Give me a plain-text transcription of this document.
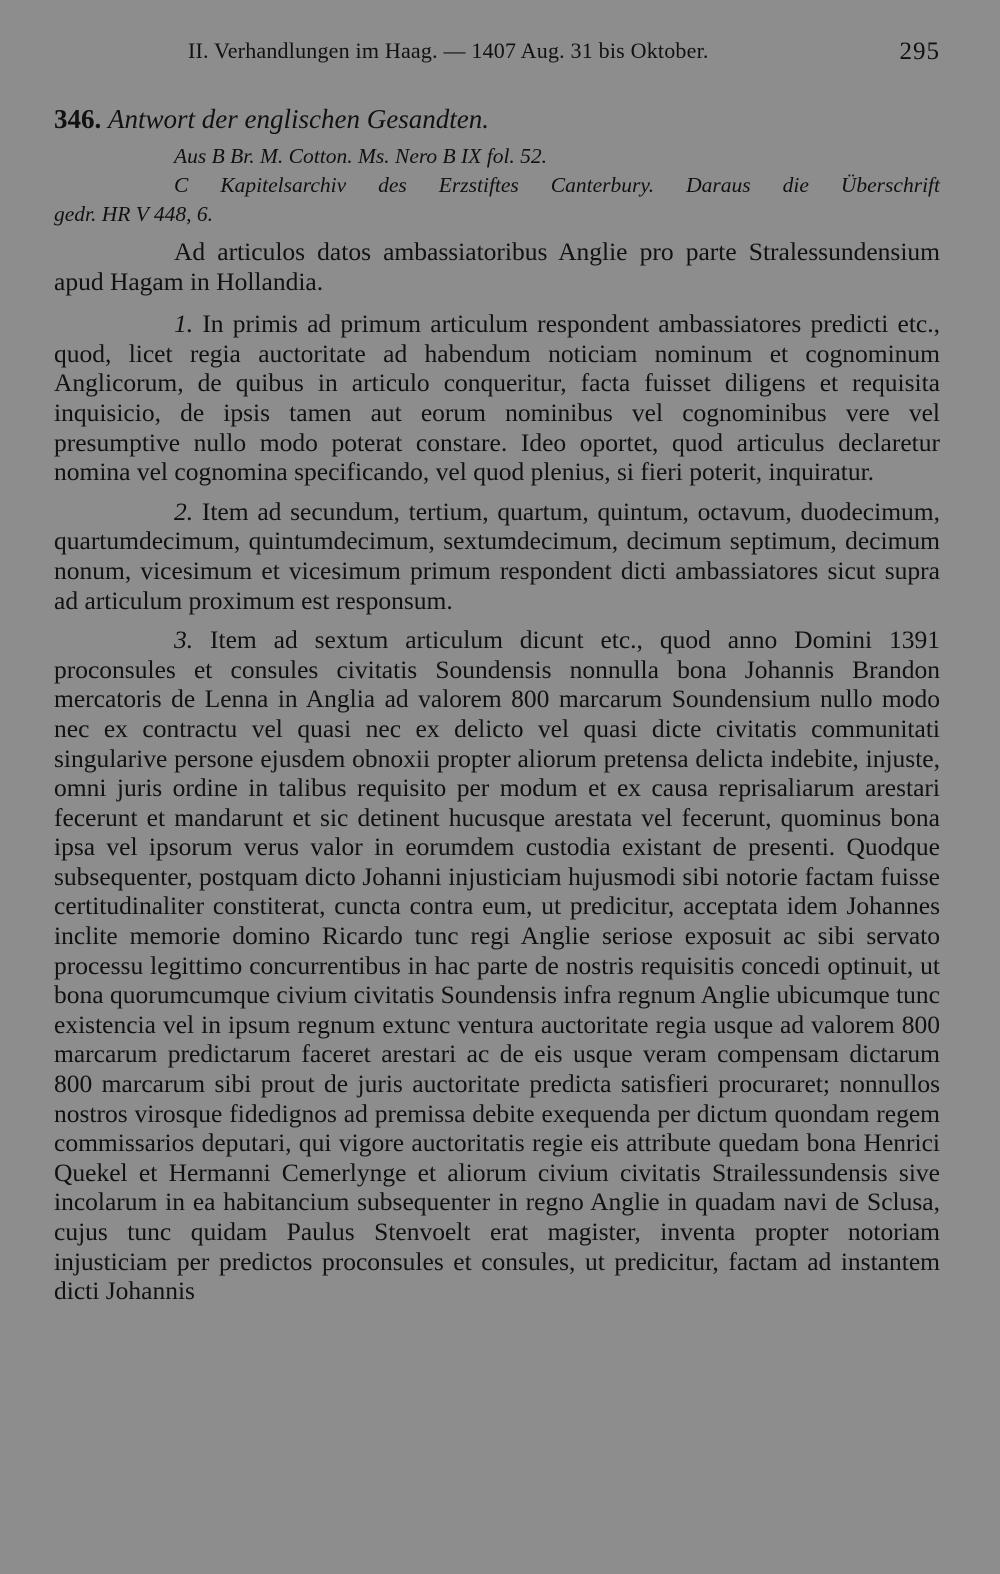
II. Verhandlungen im Haag. — 1407 Aug. 31 bis Oktober.	295
346. Antwort der englischen Gesandten.
Aus B Br. M. Cotton. Ms. Nero B IX fol. 52.
C Kapitelsarchiv des Erzstiftes Canterbury. Daraus die Überschrift
gedr. HR V 448, 6.

Ad articulos datos ambassiatoribus Anglie pro parte Stralessundensium apud Hagam in Hollandia.

1. In primis ad primum articulum respondent ambassiatores predicti etc., quod, licet regia auctoritate ad habendum noticiam nominum et cognominum Anglicorum, de quibus in articulo conqueritur, facta fuisset diligens et requisita inquisicio, de ipsis tamen aut eorum nominibus vel cognominibus vere vel presumptive nullo modo poterat constare. Ideo oportet, quod articulus declaretur nomina vel cognomina specificando, vel quod plenius, si fieri poterit, inquiratur.

2. Item ad secundum, tertium, quartum, quintum, octavum, duodecimum, quartumdecimum, quintumdecimum, sextumdecimum, decimum septimum, decimum nonum, vicesimum et vicesimum primum respondent dicti ambassiatores sicut supra ad articulum proximum est responsum.

3. Item ad sextum articulum dicunt etc., quod anno Domini 1391 proconsules et consules civitatis Soundensis nonnulla bona Johannis Brandon mercatoris de Lenna in Anglia ad valorem 800 marcarum Soundensium nullo modo nec ex contractu vel quasi nec ex delicto vel quasi dicte civitatis communitati singularive persone ejusdem obnoxii propter aliorum pretensa delicta indebite, injuste, omni juris ordine in talibus requisito per modum et ex causa reprisaliarum arestari fecerunt et mandarunt et sic detinent hucusque arestata vel fecerunt, quominus bona ipsa vel ipsorum verus valor in eorumdem custodia existant de presenti. Quodque subsequenter, postquam dicto Johanni injusticiam hujusmodi sibi notorie factam fuisse certitudinaliter constiterat, cuncta contra eum, ut predicitur, acceptata idem Johannes inclite memorie domino Ricardo tunc regi Anglie seriose exposuit ac sibi servato processu legittimo concurrentibus in hac parte de nostris requisitis concedi optinuit, ut bona quorumcumque civium civitatis Soundensis infra regnum Anglie ubicumque tunc existencia vel in ipsum regnum extunc ventura auctoritate regia usque ad valorem 800 marcarum predictarum faceret arestari ac de eis usque veram compensam dictarum 800 marcarum sibi prout de juris auctoritate predicta satisfieri procuraret; nonnullos nostros virosque fidedignos ad premissa debite exequenda per dictum quondam regem commissarios deputari, qui vigore auctoritatis regie eis attribute quedam bona Henrici Quekel et Hermanni Cemerlynge et aliorum civium civitatis Strailessundensis sive incolarum in ea habitancium subsequenter in regno Anglie in quadam navi de Sclusa, cujus tunc quidam Paulus Stenvoelt erat magister, inventa propter notoriam injusticiam per predictos proconsules et consules, ut predicitur, factam ad instantem dicti Johannis
